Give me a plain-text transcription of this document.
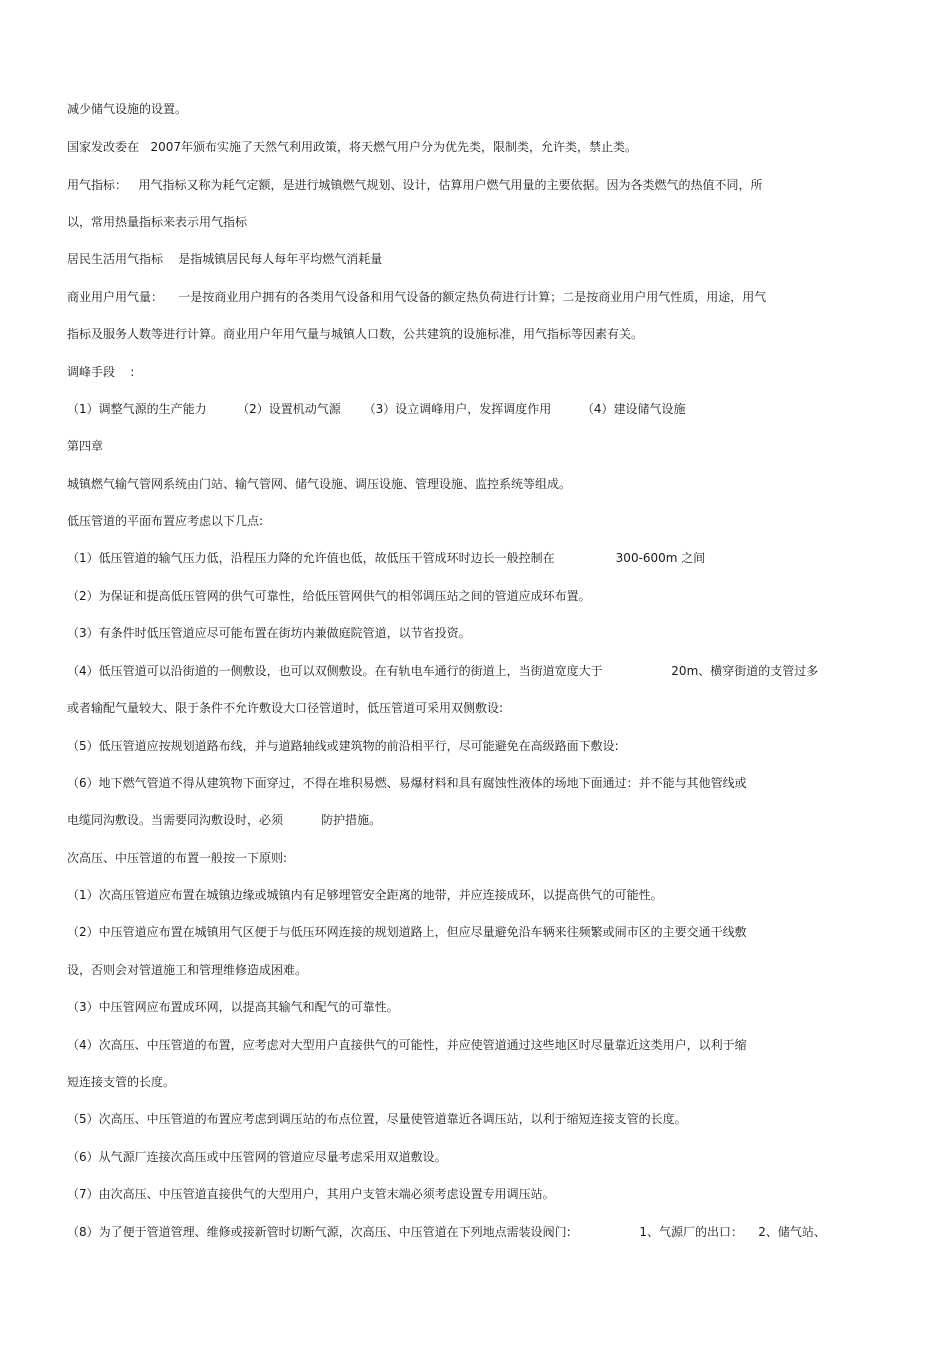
减少储气设施的设置。
国家发改委在   2007年颁布实施了天然气利用政策，将天燃气用户分为优先类，限制类，允许类，禁止类。
用气指标：   用气指标又称为耗气定额，是进行城镇燃气规划、设计，估算用户燃气用量的主要依据。因为各类燃气的热值不同，所
以，常用热量指标来表示用气指标
居民生活用气指标    是指城镇居民每人每年平均燃气消耗量
商业用户用气量：    一是按商业用户拥有的各类用气设备和用气设备的额定热负荷进行计算；二是按商业用户用气性质，用途，用气
指标及服务人数等进行计算。商业用户年用气量与城镇人口数，公共建筑的设施标准，用气指标等因素有关。
调峰手段    :
（1）调整气源的生产能力        （2）设置机动气源      （3）设立调峰用户，发挥调度作用        （4）建设储气设施
第四章
城镇燃气输气管网系统由门站、输气管网、储气设施、调压设施、管理设施、监控系统等组成。
低压管道的平面布置应考虑以下几点:
（1）低压管道的输气压力低，沿程压力降的允许值也低，故低压干管成环时边长一般控制在                300-600m 之间
（2）为保证和提高低压管网的供气可靠性，给低压管网供气的相邻调压站之间的管道应成环布置。
（3）有条件时低压管道应尽可能布置在街坊内兼做庭院管道，以节省投资。
（4）低压管道可以沿街道的一侧敷设，也可以双侧敷设。在有轨电车通行的街道上，当街道宽度大于                  20m、横穿街道的支管过多
或者输配气量较大、限于条件不允许敷设大口径管道时，低压管道可采用双侧敷设:
（5）低压管道应按规划道路布线，并与道路轴线或建筑物的前沿相平行，尽可能避免在高级路面下敷设:
（6）地下燃气管道不得从建筑物下面穿过，不得在堆积易燃、易爆材料和具有腐蚀性液体的场地下面通过：并不能与其他管线或
电缆同沟敷设。当需要同沟敷设时，必须          防护措施。
次高压、中压管道的布置一般按一下原则:
（1）次高压管道应布置在城镇边缘或城镇内有足够埋管安全距离的地带，并应连接成环，以提高供气的可能性。
（2）中压管道应布置在城镇用气区便于与低压环网连接的规划道路上，但应尽量避免沿车辆来往频繁或闹市区的主要交通干线敷
设，否则会对管道施工和管理维修造成困难。
（3）中压管网应布置成环网，以提高其输气和配气的可靠性。
（4）次高压、中压管道的布置，应考虑对大型用户直接供气的可能性，并应使管道通过这些地区时尽量靠近这类用户，以利于缩
短连接支管的长度。
（5）次高压、中压管道的布置应考虑到调压站的布点位置，尽量使管道靠近各调压站，以利于缩短连接支管的长度。
（6）从气源厂连接次高压或中压管网的管道应尽量考虑采用双道敷设。
（7）由次高压、中压管道直接供气的大型用户，其用户支管末端必须考虑设置专用调压站。
（8）为了便于管道管理、维修或接新管时切断气源，次高压、中压管道在下列地点需装设阀门:                  1、气源厂的出口：    2、储气站、
